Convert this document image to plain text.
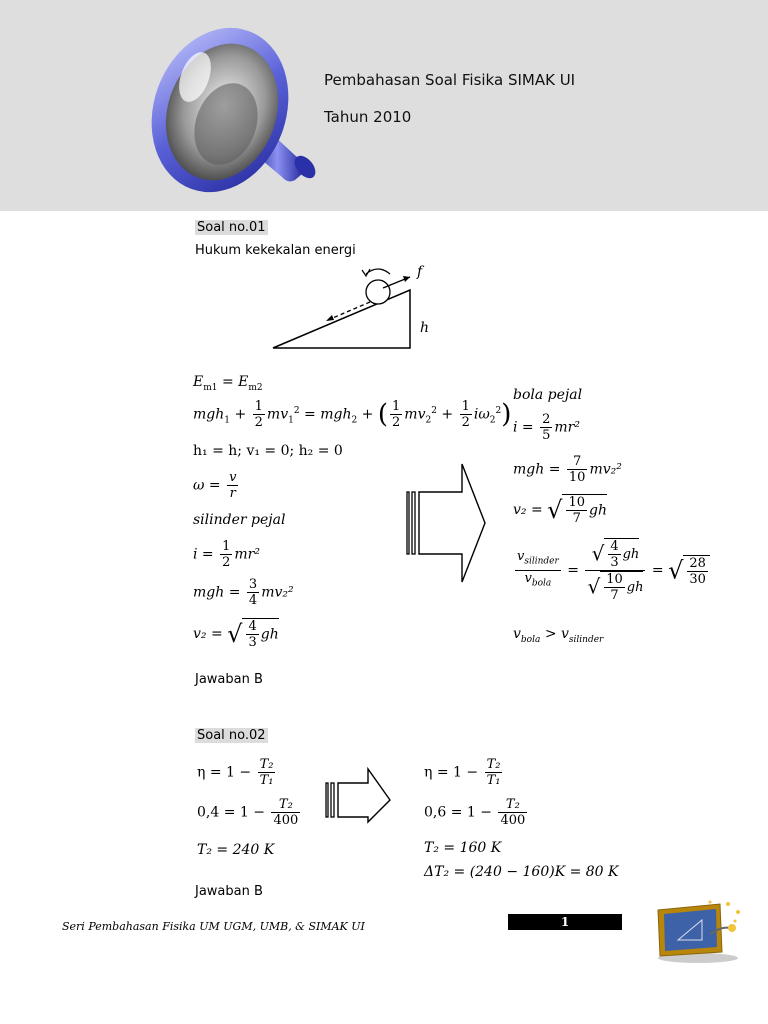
Pembahasan Soal Fisika SIMAK UI
Tahun 2010
Soal no.01
Hukum kekekalan energi
f
h
$E_{m1} = E_{m2}$
$mgh_1 + \frac{1}{2} mv_1^2 = mgh_2$ + ( $\frac{1}{2} mv_2^2 + \frac{1}{2} i\omega_2^2$)
h₁ = h; v₁ = 0; h₂ = 0
$\omega = \frac{v}{r}$
silinder pejal
$i = \frac{1}{2} mr^2$
mgh = $\frac{3}{4} mv_2^2$
v₂ = √ $\frac{4}{3}$ gh
bola pejal
$i = \frac{2}{5} mr^2$
mgh = $\frac{7}{10} mv_2^2$
v₂ = √ $\frac{10}{7}$ gh
$\frac{v_{silinder}}{v_{bola}} = \frac{√ \frac{4}{3} gh}{√ \frac{10}{7} gh}$ = √ $\frac{28}{30}$
$v_{bola} > v_{silinder}$
Jawaban B
Soal no.02
$\eta = 1 - \frac{\text{T₂}}{\text{T₁}}$
$0,4 = 1 - \frac{\text{T₂}}{400}$
T₂ = 240 K
$\eta = 1 - \frac{\text{T₂}}{\text{T₁}}$
$0,6 = 1 - \frac{\text{T₂}}{400}$
T₂ = 160 K
ΔT₂ = (240 − 160)K = 80 K
Jawaban B
Seri Pembahasan Fisika UM UGM, UMB, & SIMAK UI	1
